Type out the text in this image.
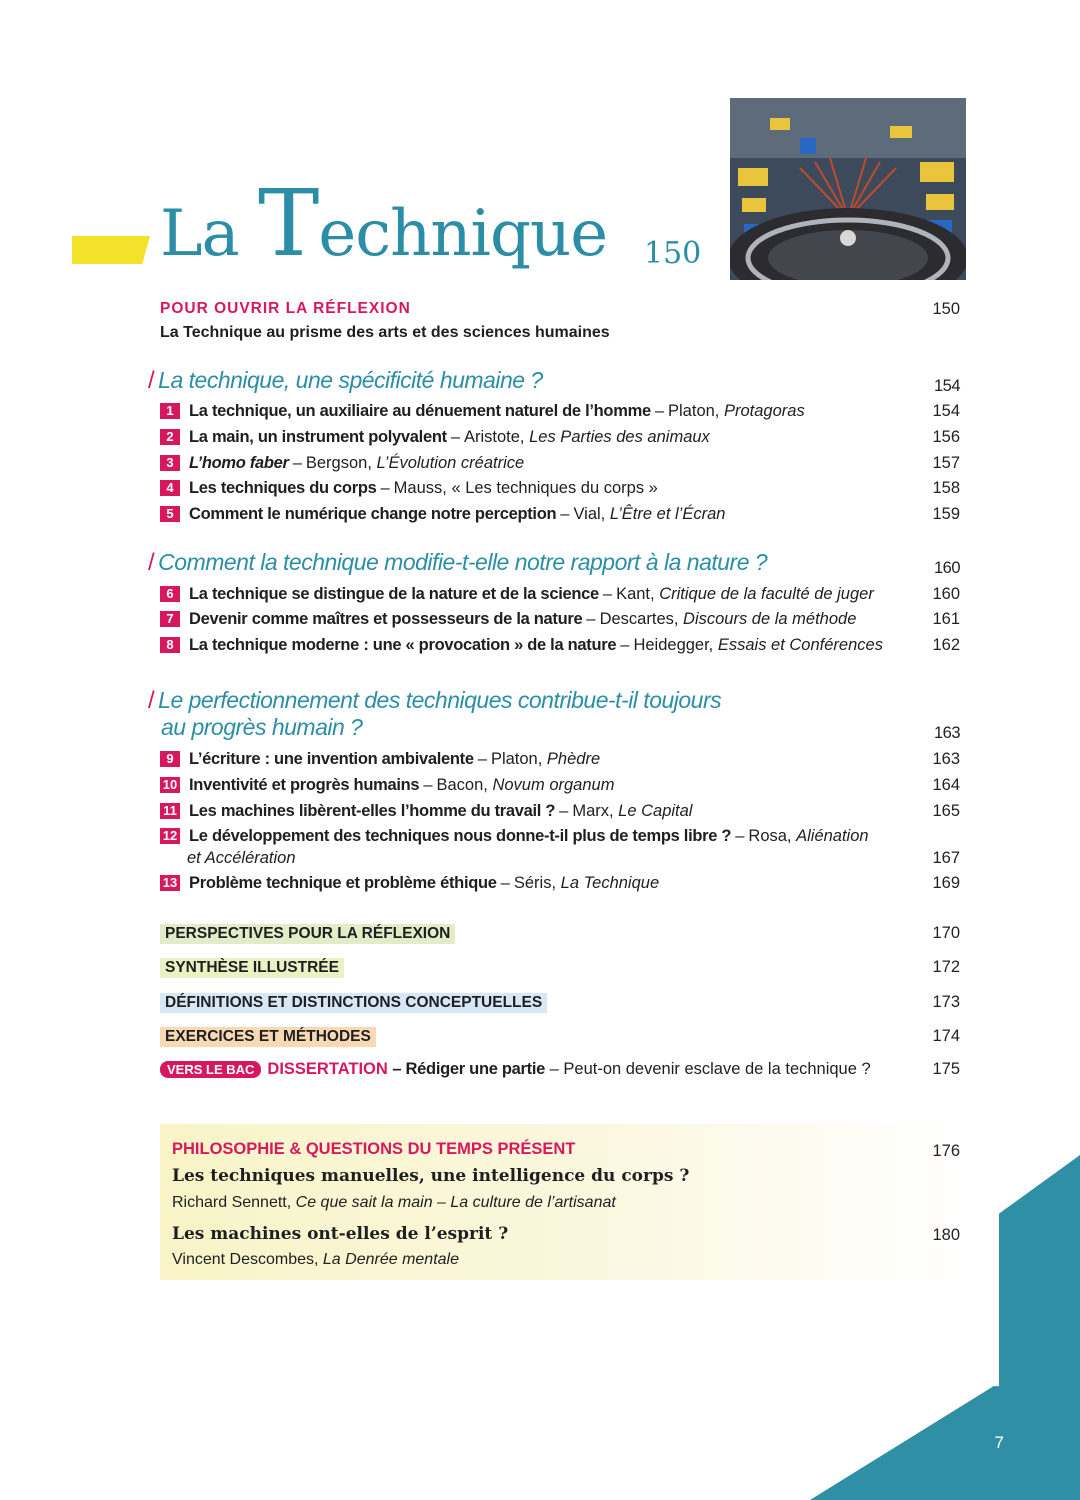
La Technique 150
POUR OUVRIR LA RÉFLEXION	150
La Technique au prisme des arts et des sciences humaines
/ La technique, une spécificité humaine ?	154
1 La technique, un auxiliaire au dénuement naturel de l’homme – Platon, Protagoras	154
2 La main, un instrument polyvalent – Aristote, Les Parties des animaux	156
3 L’homo faber – Bergson, L’Évolution créatrice	157
4 Les techniques du corps – Mauss, « Les techniques du corps »	158
5 Comment le numérique change notre perception – Vial, L’Être et l’Écran	159
/ Comment la technique modifie-t-elle notre rapport à la nature ?	160
6 La technique se distingue de la nature et de la science – Kant, Critique de la faculté de juger	160
7 Devenir comme maîtres et possesseurs de la nature – Descartes, Discours de la méthode	161
8 La technique moderne : une « provocation » de la nature – Heidegger, Essais et Conférences	162
/ Le perfectionnement des techniques contribue-t-il toujours
au progrès humain ?	163
9 L’écriture : une invention ambivalente – Platon, Phèdre	163
10 Inventivité et progrès humains – Bacon, Novum organum	164
11 Les machines libèrent-elles l’homme du travail ? – Marx, Le Capital	165
12 Le développement des techniques nous donne-t-il plus de temps libre ? – Rosa, Aliénation
et Accélération	167
13 Problème technique et problème éthique – Séris, La Technique	169
PERSPECTIVES POUR LA RÉFLEXION	170
SYNTHÈSE ILLUSTRÉE	172
DÉFINITIONS ET DISTINCTIONS CONCEPTUELLES	173
EXERCICES ET MÉTHODES	174
VERS LE BAC DISSERTATION – Rédiger une partie – Peut-on devenir esclave de la technique ?	175
PHILOSOPHIE & QUESTIONS DU TEMPS PRÉSENT	176
Les techniques manuelles, une intelligence du corps ?
Richard Sennett, Ce que sait la main – La culture de l’artisanat
Les machines ont-elles de l’esprit ?	180
Vincent Descombes, La Denrée mentale
7
